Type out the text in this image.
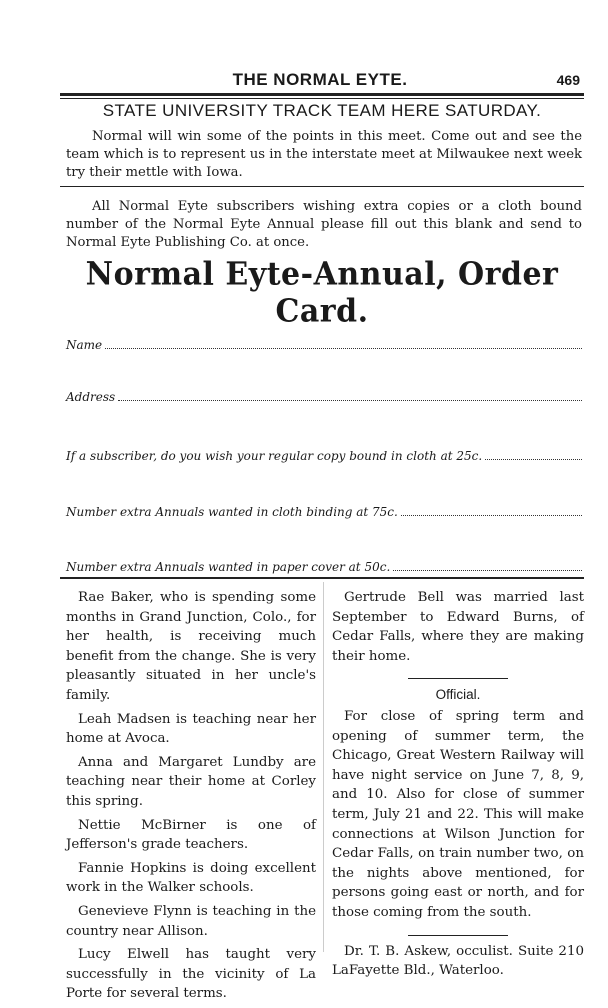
THE NORMAL EYTE.	469
STATE UNIVERSITY TRACK TEAM HERE SATURDAY.
Normal will win some of the points in this meet. Come out and see the team which is to represent us in the interstate meet at Milwaukee next week try their mettle with Iowa.
All Normal Eyte subscribers wishing extra copies or a cloth bound number of the Normal Eyte Annual please fill out this blank and send to Normal Eyte Publishing Co. at once.
Normal Eyte-Annual, Order Card.
Name
Address
If a subscriber, do you wish your regular copy bound in cloth at 25c.
Number extra Annuals wanted in cloth binding at 75c.
Number extra Annuals wanted in paper cover at 50c.

Rae Baker, who is spending some months in Grand Junction, Colo., for her health, is receiving much benefit from the change. She is very pleasantly situated in her uncle's family.

Leah Madsen is teaching near her home at Avoca.

Anna and Margaret Lundby are teaching near their home at Corley this spring.

Nettie McBirner is one of Jefferson's grade teachers.

Fannie Hopkins is doing excellent work in the Walker schools.

Genevieve Flynn is teaching in the country near Allison.

Lucy Elwell has taught very successfully in the vicinity of La Porte for several terms.

Gertrude Bell was married last September to Edward Burns, of Cedar Falls, where they are making their home.

Official.

For close of spring term and opening of summer term, the Chicago, Great Western Railway will have night service on June 7, 8, 9, and 10. Also for close of summer term, July 21 and 22. This will make connections at Wilson Junction for Cedar Falls, on train number two, on the nights above mentioned, for persons going east or north, and for those coming from the south.

Dr. T. B. Askew, occulist. Suite 210 LaFayette Bld., Waterloo.
